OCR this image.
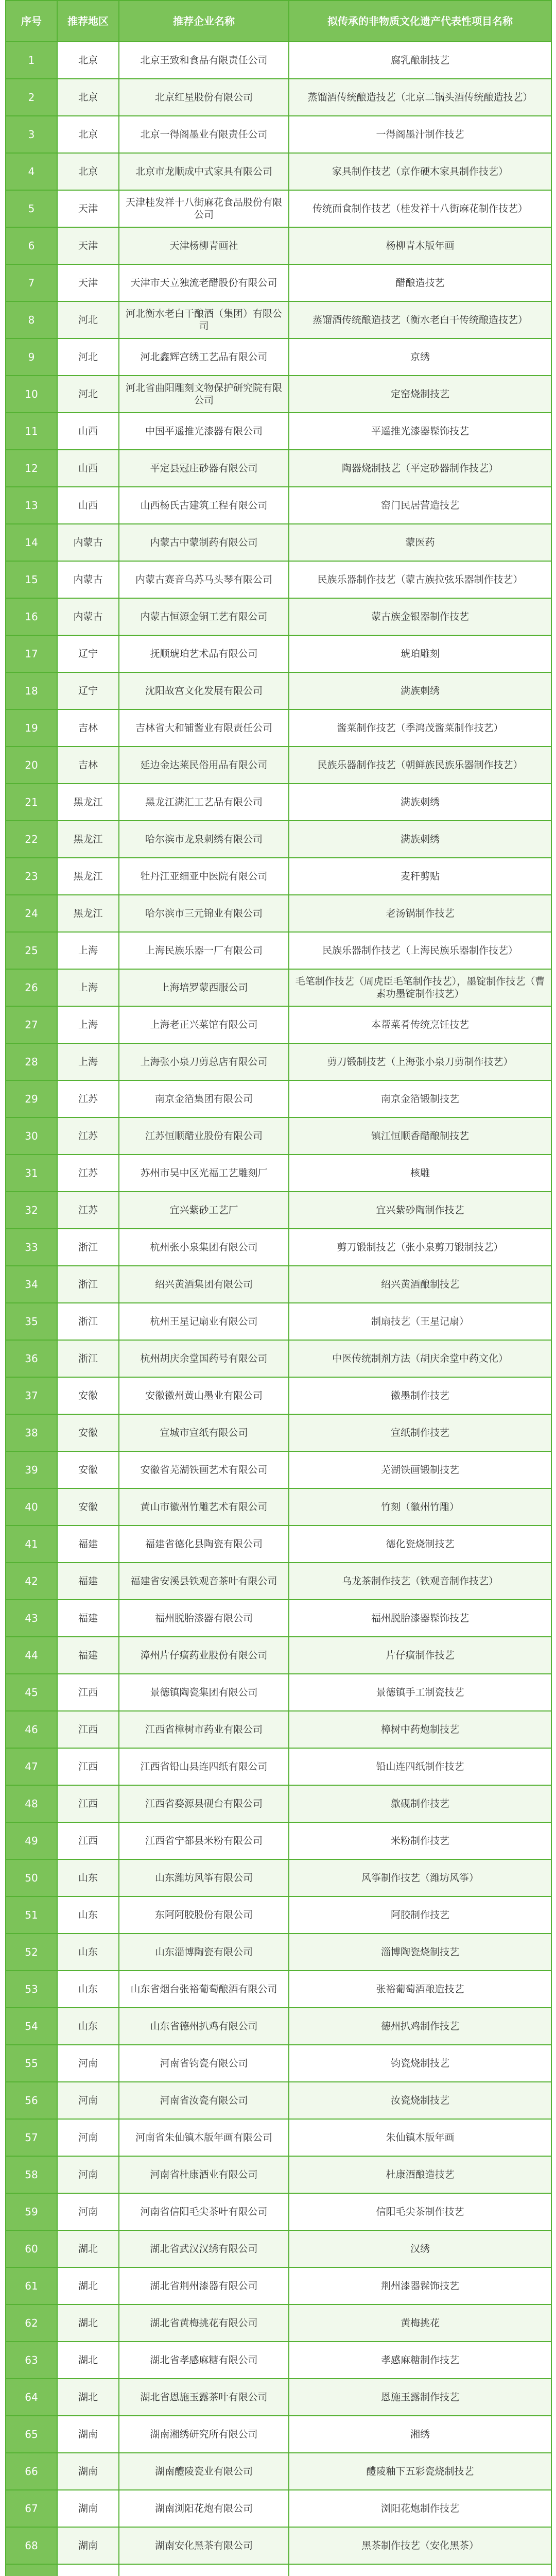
序号	推荐地区	推荐企业名称	拟传承的非物质文化遗产代表性项目名称
1	北京	北京王致和食品有限责任公司	腐乳酿制技艺
2	北京	北京红星股份有限公司	蒸馏酒传统酿造技艺（北京二锅头酒传统酿造技艺）
3	北京	北京一得阁墨业有限责任公司	一得阁墨汁制作技艺
4	北京	北京市龙顺成中式家具有限公司	家具制作技艺（京作硬木家具制作技艺）
5	天津	天津桂发祥十八街麻花食品股份有限公司	传统面食制作技艺（桂发祥十八街麻花制作技艺）
6	天津	天津杨柳青画社	杨柳青木版年画
7	天津	天津市天立独流老醋股份有限公司	醋酿造技艺
8	河北	河北衡水老白干酿酒（集团）有限公司	蒸馏酒传统酿造技艺（衡水老白干传统酿造技艺）
9	河北	河北鑫辉宫绣工艺品有限公司	京绣
10	河北	河北省曲阳雕刻文物保护研究院有限公司	定窑烧制技艺
11	山西	中国平遥推光漆器有限公司	平遥推光漆器髹饰技艺
12	山西	平定县冠庄砂器有限公司	陶器烧制技艺（平定砂器制作技艺）
13	山西	山西杨氏古建筑工程有限公司	窑门民居营造技艺
14	内蒙古	内蒙古中蒙制药有限公司	蒙医药
15	内蒙古	内蒙古赛音乌苏马头琴有限公司	民族乐器制作技艺（蒙古族拉弦乐器制作技艺）
16	内蒙古	内蒙古恒源金铜工艺有限公司	蒙古族金银器制作技艺
17	辽宁	抚顺琥珀艺术品有限公司	琥珀雕刻
18	辽宁	沈阳故宫文化发展有限公司	满族刺绣
19	吉林	吉林省大和铺酱业有限责任公司	酱菜制作技艺（季鸿茂酱菜制作技艺）
20	吉林	延边金达莱民俗用品有限公司	民族乐器制作技艺（朝鲜族民族乐器制作技艺）
21	黑龙江	黑龙江满汇工艺品有限公司	满族刺绣
22	黑龙江	哈尔滨市龙泉刺绣有限公司	满族刺绣
23	黑龙江	牡丹江亚细亚中医院有限公司	麦秆剪贴
24	黑龙江	哈尔滨市三元锦业有限公司	老汤锅制作技艺
25	上海	上海民族乐器一厂有限公司	民族乐器制作技艺（上海民族乐器制作技艺）
26	上海	上海培罗蒙西服公司	毛笔制作技艺（周虎臣毛笔制作技艺），墨锭制作技艺（曹素功墨锭制作技艺）
27	上海	上海老正兴菜馆有限公司	本帮菜肴传统烹饪技艺
28	上海	上海张小泉刀剪总店有限公司	剪刀锻制技艺（上海张小泉刀剪制作技艺）
29	江苏	南京金箔集团有限公司	南京金箔锻制技艺
30	江苏	江苏恒顺醋业股份有限公司	镇江恒顺香醋酿制技艺
31	江苏	苏州市吴中区光福工艺雕刻厂	核雕
32	江苏	宜兴紫砂工艺厂	宜兴紫砂陶制作技艺
33	浙江	杭州张小泉集团有限公司	剪刀锻制技艺（张小泉剪刀锻制技艺）
34	浙江	绍兴黄酒集团有限公司	绍兴黄酒酿制技艺
35	浙江	杭州王星记扇业有限公司	制扇技艺（王星记扇）
36	浙江	杭州胡庆余堂国药号有限公司	中医传统制剂方法（胡庆余堂中药文化）
37	安徽	安徽徽州黄山墨业有限公司	徽墨制作技艺
38	安徽	宣城市宣纸有限公司	宣纸制作技艺
39	安徽	安徽省芜湖铁画艺术有限公司	芜湖铁画锻制技艺
40	安徽	黄山市徽州竹雕艺术有限公司	竹刻（徽州竹雕）
41	福建	福建省德化县陶瓷有限公司	德化瓷烧制技艺
42	福建	福建省安溪县铁观音茶叶有限公司	乌龙茶制作技艺（铁观音制作技艺）
43	福建	福州脱胎漆器有限公司	福州脱胎漆器髹饰技艺
44	福建	漳州片仔癀药业股份有限公司	片仔癀制作技艺
45	江西	景德镇陶瓷集团有限公司	景德镇手工制瓷技艺
46	江西	江西省樟树市药业有限公司	樟树中药炮制技艺
47	江西	江西省铅山县连四纸有限公司	铅山连四纸制作技艺
48	江西	江西省婺源县砚台有限公司	歙砚制作技艺
49	江西	江西省宁都县米粉有限公司	米粉制作技艺
50	山东	山东潍坊风筝有限公司	风筝制作技艺（潍坊风筝）
51	山东	东阿阿胶股份有限公司	阿胶制作技艺
52	山东	山东淄博陶瓷有限公司	淄博陶瓷烧制技艺
53	山东	山东省烟台张裕葡萄酿酒有限公司	张裕葡萄酒酿造技艺
54	山东	山东省德州扒鸡有限公司	德州扒鸡制作技艺
55	河南	河南省钧瓷有限公司	钧瓷烧制技艺
56	河南	河南省汝瓷有限公司	汝瓷烧制技艺
57	河南	河南省朱仙镇木版年画有限公司	朱仙镇木版年画
58	河南	河南省杜康酒业有限公司	杜康酒酿造技艺
59	河南	河南省信阳毛尖茶叶有限公司	信阳毛尖茶制作技艺
60	湖北	湖北省武汉汉绣有限公司	汉绣
61	湖北	湖北省荆州漆器有限公司	荆州漆器髹饰技艺
62	湖北	湖北省黄梅挑花有限公司	黄梅挑花
63	湖北	湖北省孝感麻糖有限公司	孝感麻糖制作技艺
64	湖北	湖北省恩施玉露茶叶有限公司	恩施玉露制作技艺
65	湖南	湖南湘绣研究所有限公司	湘绣
66	湖南	湖南醴陵瓷业有限公司	醴陵釉下五彩瓷烧制技艺
67	湖南	湖南浏阳花炮有限公司	浏阳花炮制作技艺
68	湖南	湖南安化黑茶有限公司	黑茶制作技艺（安化黑茶）
